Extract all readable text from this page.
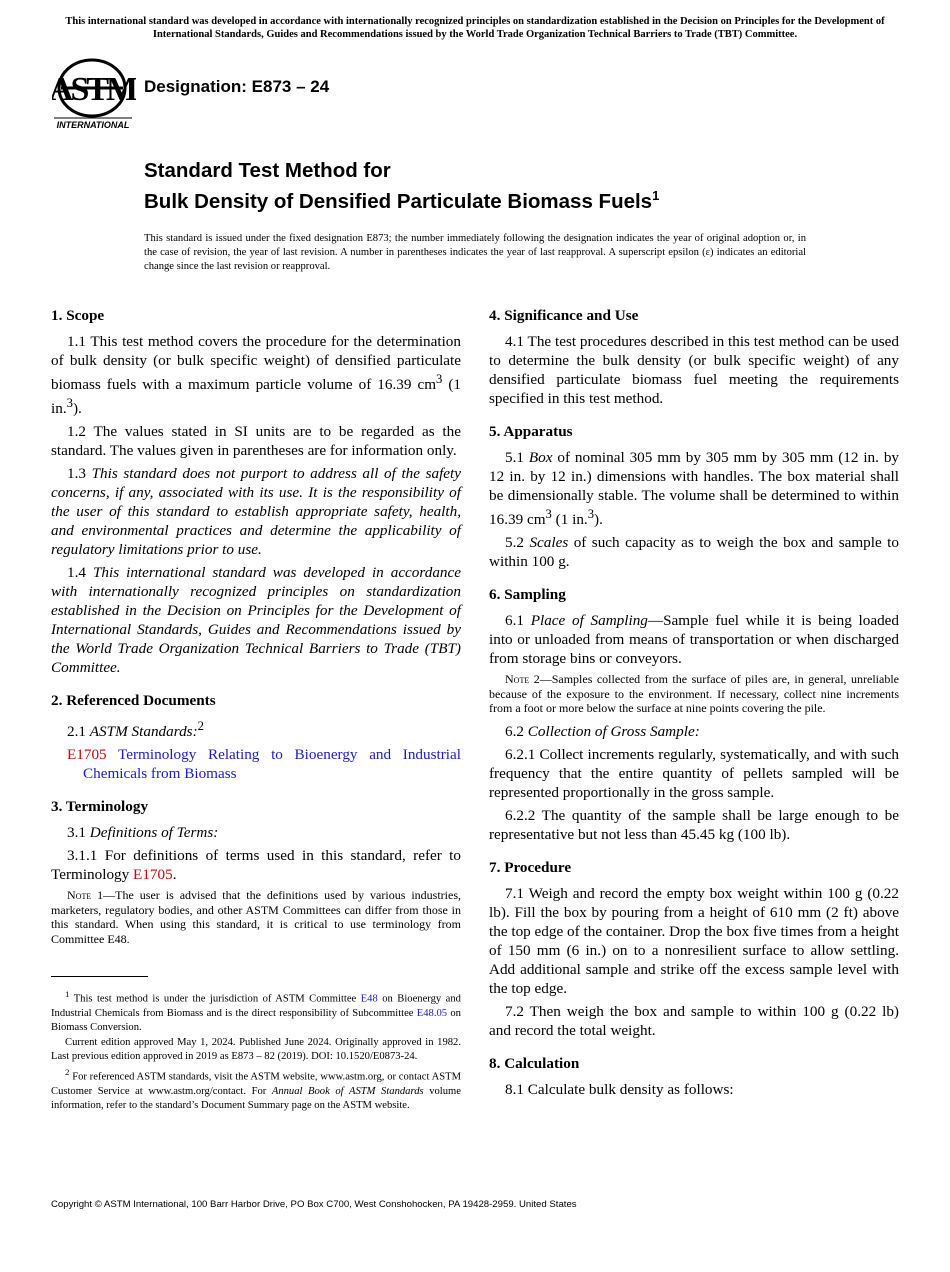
This international standard was developed in accordance with internationally recognized principles on standardization established in the Decision on Principles for the Development of International Standards, Guides and Recommendations issued by the World Trade Organization Technical Barriers to Trade (TBT) Committee.
ASTM
INTERNATIONAL
Designation: E873 – 24
Standard Test Method for
Bulk Density of Densified Particulate Biomass Fuels$^1$
This standard is issued under the fixed designation E873; the number immediately following the designation indicates the year of original adoption or, in the case of revision, the year of last revision. A number in parentheses indicates the year of last reapproval. A superscript epsilon (ε) indicates an editorial change since the last revision or reapproval.
1. Scope

1.1 This test method covers the procedure for the determination of bulk density (or bulk specific weight) of densified particulate biomass fuels with a maximum particle volume of 16.39 $cm^3$ (1 in.$^3$).

1.2 The values stated in SI units are to be regarded as the standard. The values given in parentheses are for information only.

1.3 This standard does not purport to address all of the safety concerns, if any, associated with its use. It is the responsibility of the user of this standard to establish appropriate safety, health, and environmental practices and determine the applicability of regulatory limitations prior to use.

1.4 This international standard was developed in accordance with internationally recognized principles on standardization established in the Decision on Principles for the Development of International Standards, Guides and Recommendations issued by the World Trade Organization Technical Barriers to Trade (TBT) Committee.

2. Referenced Documents

2.1 ASTM Standards:$^2$

E1705 Terminology Relating to Bioenergy and Industrial Chemicals from Biomass

3. Terminology

3.1 Definitions of Terms:

3.1.1 For definitions of terms used in this standard, refer to Terminology E1705.

Note 1—The user is advised that the definitions used by various industries, marketers, regulatory bodies, and other ASTM Committees can differ from those in this standard. When using this standard, it is critical to use terminology from Committee E48.

$^1$ This test method is under the jurisdiction of ASTM Committee E48 on Bioenergy and Industrial Chemicals from Biomass and is the direct responsibility of Subcommittee E48.05 on Biomass Conversion.

Current edition approved May 1, 2024. Published June 2024. Originally approved in 1982. Last previous edition approved in 2019 as E873 – 82 (2019). DOI: 10.1520/E0873-24.

$^2$ For referenced ASTM standards, visit the ASTM website, www.astm.org, or contact ASTM Customer Service at www.astm.org/contact. For Annual Book of ASTM Standards volume information, refer to the standard’s Document Summary page on the ASTM website.

4. Significance and Use

4.1 The test procedures described in this test method can be used to determine the bulk density (or bulk specific weight) of any densified particulate biomass fuel meeting the requirements specified in this test method.

5. Apparatus

5.1 Box of nominal 305 mm by 305 mm by 305 mm (12 in. by 12 in. by 12 in.) dimensions with handles. The box material shall be dimensionally stable. The volume shall be determined to within 16.39 $cm^3$ (1 in.$^3$).

5.2 Scales of such capacity as to weigh the box and sample to within 100 g.

6. Sampling

6.1 Place of Sampling—Sample fuel while it is being loaded into or unloaded from means of transportation or when discharged from storage bins or conveyors.

Note 2—Samples collected from the surface of piles are, in general, unreliable because of the exposure to the environment. If necessary, collect nine increments from a foot or more below the surface at nine points covering the pile.

6.2 Collection of Gross Sample:

6.2.1 Collect increments regularly, systematically, and with such frequency that the entire quantity of pellets sampled will be represented proportionally in the gross sample.

6.2.2 The quantity of the sample shall be large enough to be representative but not less than 45.45 kg (100 lb).

7. Procedure

7.1 Weigh and record the empty box weight within 100 g (0.22 lb). Fill the box by pouring from a height of 610 mm (2 ft) above the top edge of the container. Drop the box five times from a height of 150 mm (6 in.) on to a nonresilient surface to allow settling. Add additional sample and strike off the excess sample level with the top edge.

7.2 Then weigh the box and sample to within 100 g (0.22 lb) and record the total weight.

8. Calculation

8.1 Calculate bulk density as follows:

Copyright © ASTM International, 100 Barr Harbor Drive, PO Box C700, West Conshohocken, PA 19428-2959. United States
